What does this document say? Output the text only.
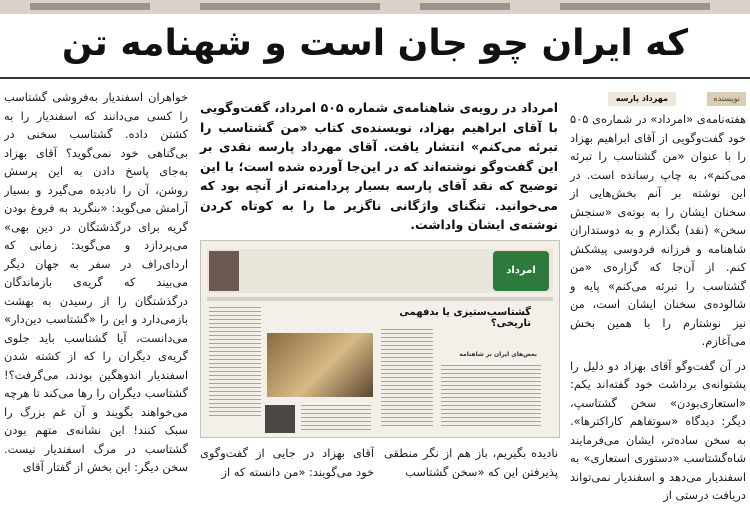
که ایران چو جان است و شهنامه تن
نویسنده
مهرداد پارسه

هفته‌نامه‌ی «امرداد» در شماره‌ی ۵۰۵ خود گفت‌وگویی از آقای ابراهیم بهزاد را با عنوان «من گشتاسب را تبرئه می‌کنم»، به چاپ رسانده است. در این نوشته بر آنم بخش‌هایی از سخنان ایشان را به بوته‌ی «سنجش سخن» (نقد) بگذارم و به دوستداران شاهنامه و فرزانه فردوسی پیشکش کنم. از آن‌جا که گزاره‌ی «من گشتاسب را تبرئه می‌کنم» پایه و شالوده‌ی سخنان ایشان است، من نیز نوشتارم را با همین بخش می‌آغازم.

در آن گفت‌وگو آقای بهزاد دو دلیل را پشتوانه‌ی برداشت خود گفته‌اند یکم: «استعاری‌بودن» سخن گشتاسپ، دیگر: دیدگاه «سو‌تفاهم کاراکترها». به سخن ساده‌تر، ایشان می‌فرمایند شاه‌گشتاسب «دستوری استعاری» به اسفندیار می‌دهد و اسفندیار نمی‌تواند دریافت درستی از

امرداد در رویه‌ی شاهنامه‌ی شماره ۵۰۵ امرداد، گفت‌وگویی با آقای ابراهیم بهزاد، نویسنده‌ی کتاب «من گشتاسب را تبرئه می‌کنم» انتشار یافت. آقای مهرداد پارسه نقدی بر این گفت‌وگو نوشته‌اند که در این‌جا آورده شده است؛ با این توضیح که نقد آقای پارسه بسیار پردامنه‌تر از آنچه بود که می‌خوانید. تنگنای واژگانی ناگزیر ما را به کوتاه کردن نوشته‌ی ایشان واداشت.
امرداد
گشتاسب‌ستیزی یا بدفهمی تاریخی؟
بغض‌های ایران بر شاهنامه

نادیده بگیریم، باز هم از نگر منطقی پذیرفتن این که «سخن گشتاسب

آقای بهزاد در جایی از گفت‌وگوی خود می‌گویند: «من دانسته که از

خواهران اسفندیار به‌فروشی گشتاسب را کسی می‌دانند که اسفندیار را به کشتن داده. گشتاسب سخنی در بی‌گناهی خود نمی‌گوید؟ آقای بهزاد به‌جای پاسخ دادن به این پرسش روشن، آن را نادیده می‌گیرد و بسیار آرامش می‌گوید: «بنگرید به فروغ بودن گریه برای درگذشتگان در دین بهی» می‌پردازد و می‌گوید: زمانی که اردای‌راف در سفر به جهان دیگر می‌بیند که گریه‌ی بازماندگان درگذشتگان را از رسیدن به بهشت بازمی‌دارد و این را «گشتاسب دین‌دار» می‌دانست، آیا گشتاسب باید جلوی گریه‌ی دیگران را که از کشته شدن اسفندیار اندوهگین بودند، می‌گرفت؟! گشتاسب دیگران را رها می‌کند تا هرچه می‌خواهند بگویند و آن غم بزرگ را سبک کنند! این نشانه‌ی متهم بودن گشتاسب در مرگ اسفندیار نیست. سخن دیگر: این بخش از گفتار آقای
